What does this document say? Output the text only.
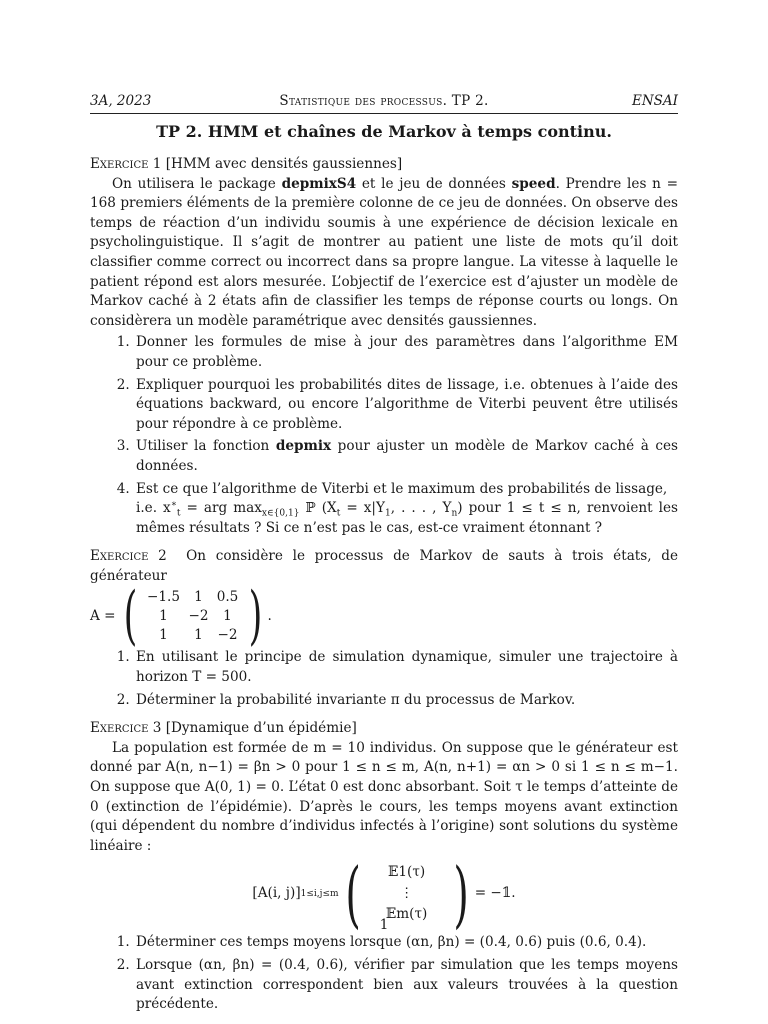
3A, 2023	Statistique des processus. TP 2.	ENSAI
TP 2. HMM et chaînes de Markov à temps continu.

Exercice 1 [HMM avec densités gaussiennes]

On utilisera le package depmixS4 et le jeu de données speed. Prendre les n = 168 premiers éléments de la première colonne de ce jeu de données. On observe des temps de réaction d’un individu soumis à une expérience de décision lexicale en psycholinguistique. Il s’agit de montrer au patient une liste de mots qu’il doit classifier comme correct ou incorrect dans sa propre langue. La vitesse à laquelle le patient répond est alors mesurée. L’objectif de l’exercice est d’ajuster un modèle de Markov caché à 2 états afin de classifier les temps de réponse courts ou longs. On considèrera un modèle paramétrique avec densités gaussiennes.

1. Donner les formules de mise à jour des paramètres dans l’algorithme EM pour ce problème.
2. Expliquer pourquoi les probabilités dites de lissage, i.e. obtenues à l’aide des équations backward, ou encore l’algorithme de Viterbi peuvent être utilisés pour répondre à ce problème.
3. Utiliser la fonction depmix pour ajuster un modèle de Markov caché à ces données.
4. Est ce que l’algorithme de Viterbi et le maximum des probabilités de lissage,
i.e. $x^∗_t$ = arg $\max_{x\in\{0,1\}}$ ℙ ($X_t = x|Y_1$, . . . , $Y_n$) pour 1 ≤ t ≤ n, renvoient les mêmes résultats ? Si ce n’est pas le cas, est-ce vraiment étonnant ?

Exercice 2 On considère le processus de Markov de sauts à trois états, de générateur

A = ( −1.5	1	0.5
1	−2	1
1	1	−2 ) .
1. En utilisant le principe de simulation dynamique, simuler une trajectoire à horizon T = 500.
2. Déterminer la probabilité invariante π du processus de Markov.

Exercice 3 [Dynamique d’un épidémie]

La population est formée de m = 10 individus. On suppose que le générateur est donné par A(n, n−1) = βn > 0 pour 1 ≤ n ≤ m, A(n, n+1) = αn > 0 si 1 ≤ n ≤ m−1. On suppose que A(0, 1) = 0. L’état 0 est donc absorbant. Soit τ le temps d’atteinte de 0 (extinction de l’épidémie). D’après le cours, les temps moyens avant extinction (qui dépendent du nombre d’individus infectés à l’origine) sont solutions du système linéaire :

[A(i, j)] 1≤i,j≤m (	𝔼1(τ)
⋮
𝔼m(τ) ) = −𝟙.
1. Déterminer ces temps moyens lorsque (αn, βn) = (0.4, 0.6) puis (0.6, 0.4).
2. Lorsque (αn, βn) = (0.4, 0.6), vérifier par simulation que les temps moyens avant extinction correspondent bien aux valeurs trouvées à la question précédente.
1
